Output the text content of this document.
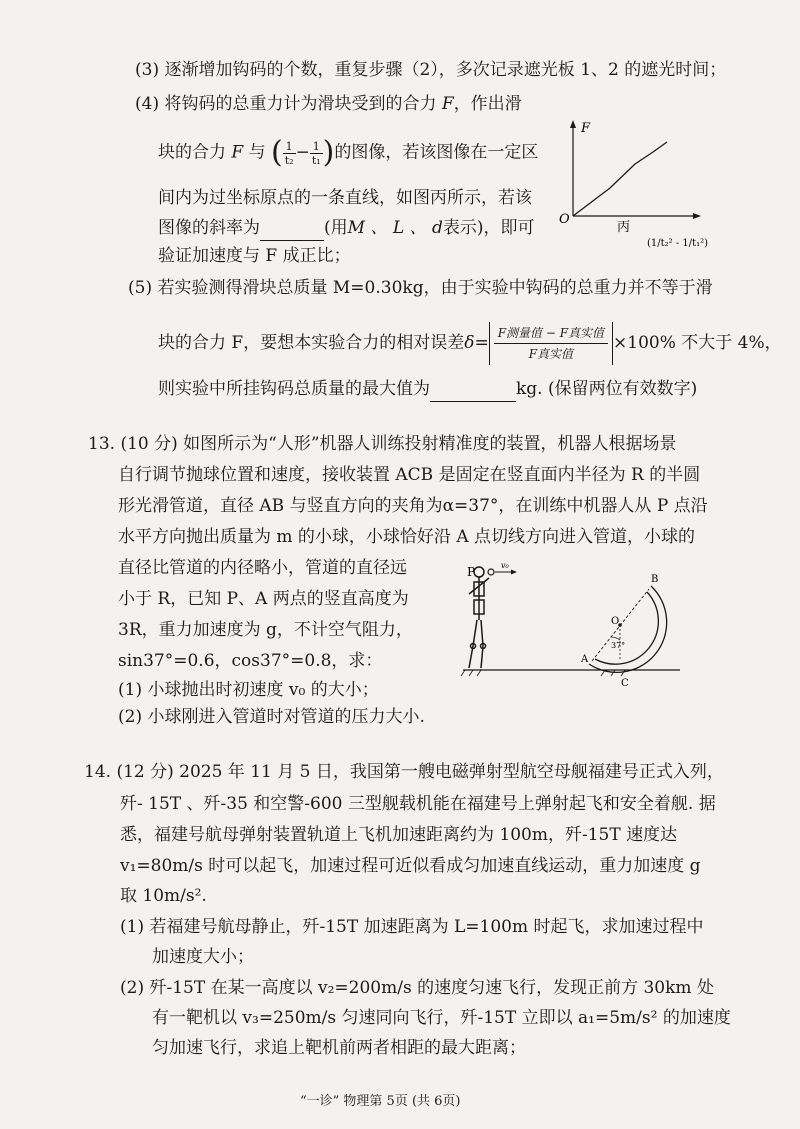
(3) 逐渐增加钩码的个数，重复步骤（2），多次记录遮光板 1、2 的遮光时间；
(4) 将钩码的总重力计为滑块受到的合力 F，作出滑
块的合力 F 与 ( $\frac{1}{\text{t₂}} - \frac{1}{\text{t₁}}$ )的图像，若该图像在一定区
间内为过坐标原点的一条直线，如图丙所示，若该
图像的斜率为	(用M 、 L 、 d表示)，即可
验证加速度与 F 成正比；
F
O
丙
(1/t₂² - 1/t₁²)
(5) 若实验测得滑块总质量 M=0.30kg，由于实验中钩码的总重力并不等于滑
块的合力 F，要想本实验合力的相对误差$\delta= \frac{\text{F测量值 − F真实值}}{\text{F真实值}} \times 100\%$ 不大于 4%，
则实验中所挂钩码总质量的最大值为	kg. (保留两位有效数字)
13. (10 分) 如图所示为“人形”机器人训练投射精准度的装置，机器人根据场景
自行调节抛球位置和速度，接收装置 ACB 是固定在竖直面内半径为 R 的半圆
形光滑管道，直径 AB 与竖直方向的夹角为α=37°，在训练中机器人从 P 点沿
水平方向抛出质量为 m 的小球，小球恰好沿 A 点切线方向进入管道，小球的
直径比管道的内径略小，管道的直径远
小于 R，已知 P、A 两点的竖直高度为
3R，重力加速度为 g，不计空气阻力，
sin37°=0.6，cos37°=0.8，求：
(1) 小球抛出时初速度 v₀ 的大小；
(2) 小球刚进入管道时对管道的压力大小.
P	v₀
O
B
A
C
37°
14. (12 分) 2025 年 11 月 5 日，我国第一艘电磁弹射型航空母舰福建号正式入列，
歼- 15T 、歼-35 和空警-600 三型舰载机能在福建号上弹射起飞和安全着舰. 据
悉，福建号航母弹射装置轨道上飞机加速距离约为 100m，歼-15T 速度达
v₁=80m/s 时可以起飞，加速过程可近似看成匀加速直线运动，重力加速度 g
取 10m/s².
(1) 若福建号航母静止，歼-15T 加速距离为 L=100m 时起飞，求加速过程中
加速度大小；
(2) 歼-15T 在某一高度以 v₂=200m/s 的速度匀速飞行，发现正前方 30km 处
有一靶机以 v₃=250m/s 匀速同向飞行，歼-15T 立即以 a₁=5m/s² 的加速度
匀加速飞行，求追上靶机前两者相距的最大距离；
“一诊” 物理第 5页 (共 6页)
